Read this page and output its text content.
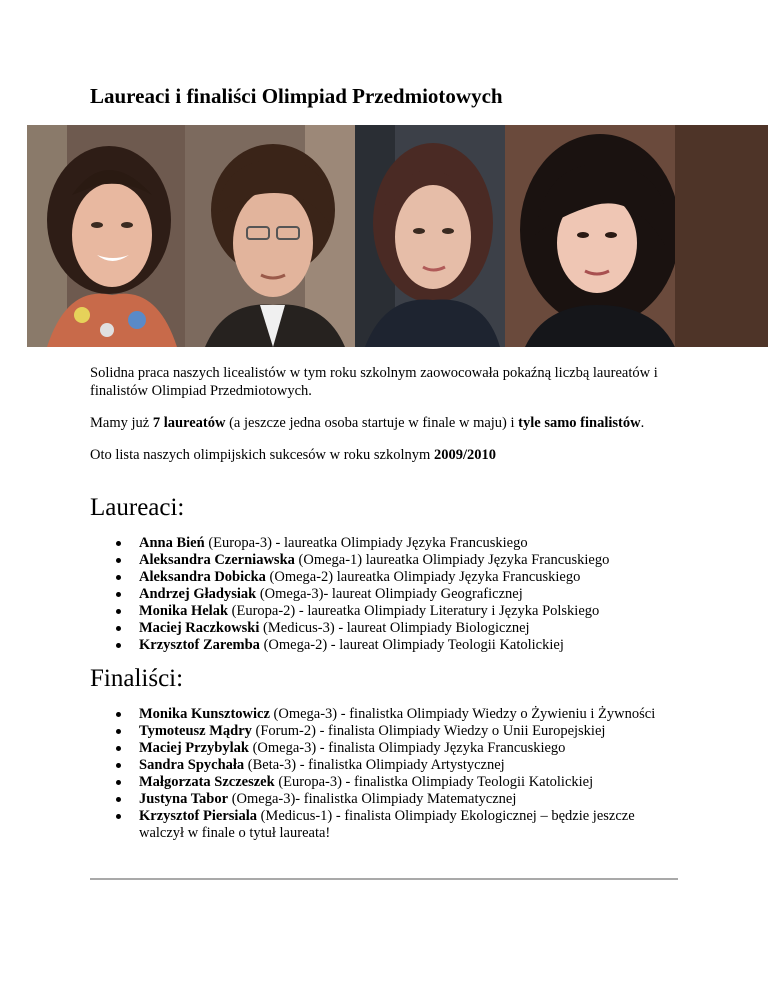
Laureaci i finaliści Olimpiad Przedmiotowych

Solidna praca naszych licealistów w tym roku szkolnym zaowocowała pokaźną liczbą laureatów i finalistów Olimpiad Przedmiotowych.

Mamy już 7 laureatów (a jeszcze jedna osoba startuje w finale w maju) i tyle samo finalistów.

Oto lista naszych olimpijskich sukcesów w roku szkolnym 2009/2010

Laureaci:
Anna Bień (Europa-3) - laureatka Olimpiady Języka Francuskiego
Aleksandra Czerniawska (Omega-1) laureatka Olimpiady Języka Francuskiego
Aleksandra Dobicka (Omega-2) laureatka Olimpiady Języka Francuskiego
Andrzej Gładysiak (Omega-3)- laureat Olimpiady Geograficznej
Monika Helak (Europa-2) - laureatka Olimpiady Literatury i Języka Polskiego
Maciej Raczkowski (Medicus-3) - laureat Olimpiady Biologicznej
Krzysztof Zaremba (Omega-2) - laureat Olimpiady Teologii Katolickiej
Finaliści:
Monika Kunsztowicz (Omega-3) - finalistka Olimpiady Wiedzy o Żywieniu i Żywności
Tymoteusz Mądry (Forum-2) - finalista Olimpiady Wiedzy o Unii Europejskiej
Maciej Przybylak (Omega-3) - finalista Olimpiady Języka Francuskiego
Sandra Spychała (Beta-3) - finalistka Olimpiady Artystycznej
Małgorzata Szczeszek (Europa-3) - finalistka Olimpiady Teologii Katolickiej
Justyna Tabor (Omega-3)- finalistka Olimpiady Matematycznej
Krzysztof Piersiala (Medicus-1) - finalista Olimpiady Ekologicznej – będzie jeszcze walczył w finale o tytuł laureata!
